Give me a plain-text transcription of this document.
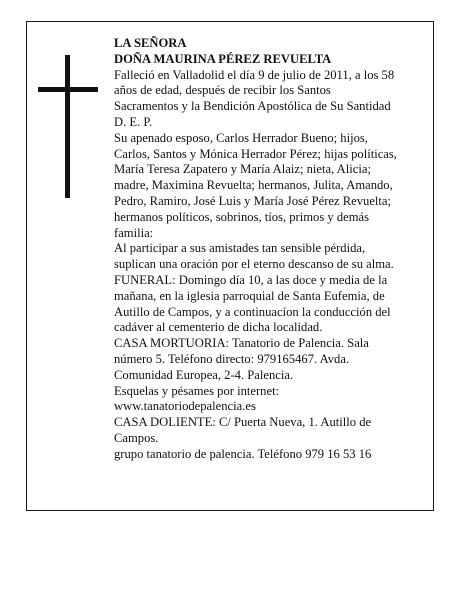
LA SEÑORA
DOÑA MAURINA PÉREZ REVUELTA

Falleció en Valladolid el día 9 de julio de 2011, a los 58
años de edad, después de recibir los Santos
Sacramentos y la Bendición Apostólica de Su Santidad
D. E. P.

Su apenado esposo, Carlos Herrador Bueno; hijos,
Carlos, Santos y Mónica Herrador Pérez; hijas políticas,
María Teresa Zapatero y María Alaiz; nieta, Alicia;
madre, Maximina Revuelta; hermanos, Julita, Amando,
Pedro, Ramiro, José Luis y María José Pérez Revuelta;
hermanos políticos, sobrinos, tíos, primos y demás
familia:

Al participar a sus amistades tan sensible pérdida,
suplican una oración por el eterno descanso de su alma.

FUNERAL: Domingo día 10, a las doce y media de la
mañana, en la iglesia parroquial de Santa Eufemia, de
Autillo de Campos, y a continuacíon la conducción del
cadáver al cementerio de dicha localidad.

CASA MORTUORIA: Tanatorio de Palencia. Sala
número 5. Teléfono directo: 979165467. Avda.
Comunidad Europea, 2-4. Palencia.

Esquelas y pésames por internet:
www.tanatoriodepalencia.es

CASA DOLIENTE: C/ Puerta Nueva, 1. Autillo de
Campos.

grupo tanatorio de palencia. Teléfono 979 16 53 16
